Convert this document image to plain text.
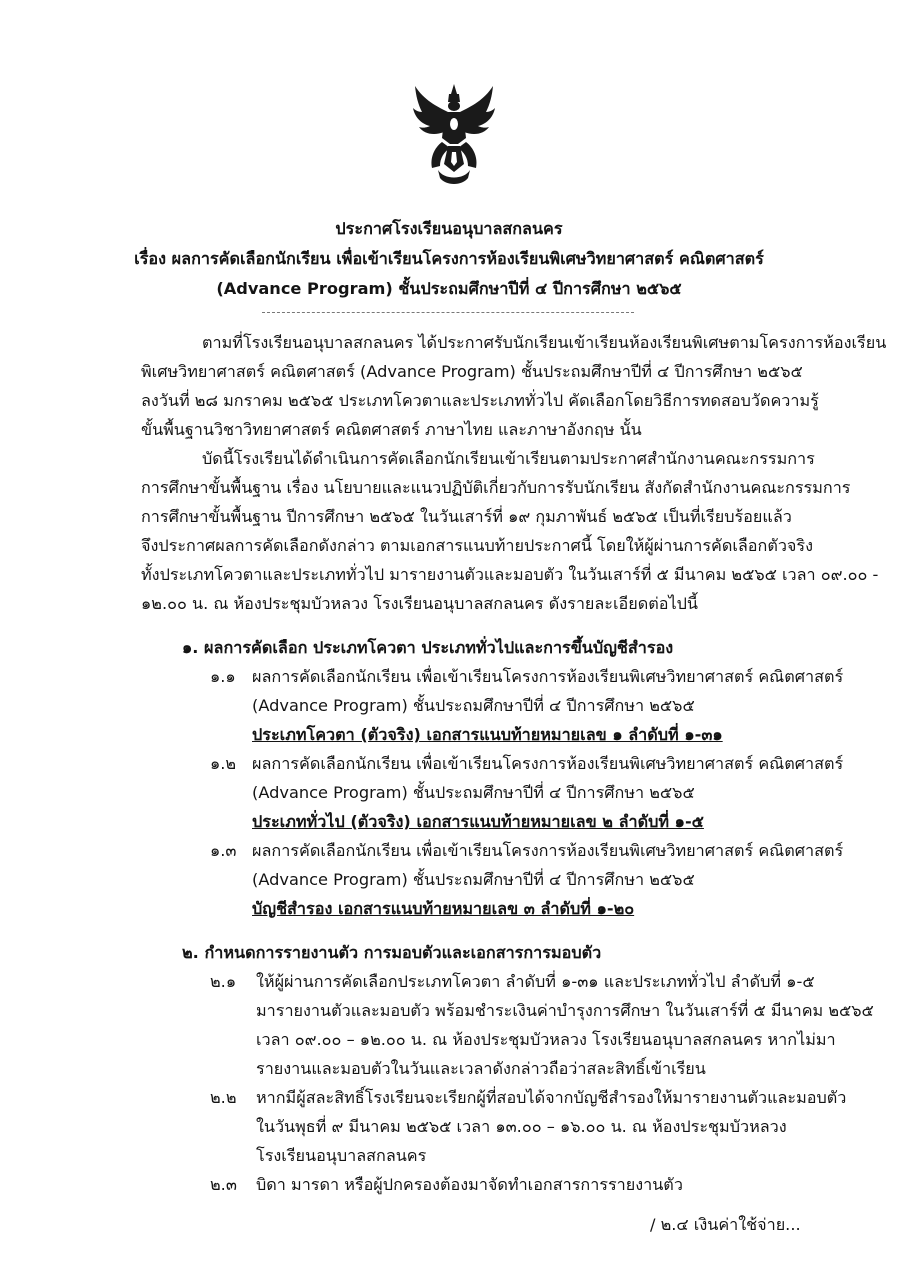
ประกาศโรงเรียนอนุบาลสกลนคร
เรื่อง ผลการคัดเลือกนักเรียน เพื่อเข้าเรียนโครงการห้องเรียนพิเศษวิทยาศาสตร์ คณิตศาสตร์
(Advance Program) ชั้นประถมศึกษาปีที่ ๔ ปีการศึกษา ๒๕๖๕
ตามที่โรงเรียนอนุบาลสกลนคร ได้ประกาศรับนักเรียนเข้าเรียนห้องเรียนพิเศษตามโครงการห้องเรียน
พิเศษวิทยาศาสตร์ คณิตศาสตร์ (Advance Program) ชั้นประถมศึกษาปีที่ ๔ ปีการศึกษา ๒๕๖๕
ลงวันที่ ๒๘ มกราคม ๒๕๖๕ ประเภทโควตาและประเภททั่วไป คัดเลือกโดยวิธีการทดสอบวัดความรู้
ขั้นพื้นฐานวิชาวิทยาศาสตร์ คณิตศาสตร์ ภาษาไทย และภาษาอังกฤษ นั้น
บัดนี้โรงเรียนได้ดำเนินการคัดเลือกนักเรียนเข้าเรียนตามประกาศสำนักงานคณะกรรมการ
การศึกษาขั้นพื้นฐาน เรื่อง นโยบายและแนวปฏิบัติเกี่ยวกับการรับนักเรียน สังกัดสำนักงานคณะกรรมการ
การศึกษาขั้นพื้นฐาน ปีการศึกษา ๒๕๖๕ ในวันเสาร์ที่ ๑๙ กุมภาพันธ์ ๒๕๖๕ เป็นที่เรียบร้อยแล้ว
จึงประกาศผลการคัดเลือกดังกล่าว ตามเอกสารแนบท้ายประกาศนี้ โดยให้ผู้ผ่านการคัดเลือกตัวจริง
ทั้งประเภทโควตาและประเภททั่วไป มารายงานตัวและมอบตัว ในวันเสาร์ที่ ๕ มีนาคม ๒๕๖๕ เวลา ๐๙.๐๐ -
๑๒.๐๐ น. ณ ห้องประชุมบัวหลวง โรงเรียนอนุบาลสกลนคร ดังรายละเอียดต่อไปนี้
๑. ผลการคัดเลือก ประเภทโควตา ประเภททั่วไปและการขึ้นบัญชีสำรอง
๑.๑ ผลการคัดเลือกนักเรียน เพื่อเข้าเรียนโครงการห้องเรียนพิเศษวิทยาศาสตร์ คณิตศาสตร์
(Advance Program) ชั้นประถมศึกษาปีที่ ๔ ปีการศึกษา ๒๕๖๕
ประเภทโควตา (ตัวจริง) เอกสารแนบท้ายหมายเลข ๑ ลำดับที่ ๑-๓๑
๑.๒ ผลการคัดเลือกนักเรียน เพื่อเข้าเรียนโครงการห้องเรียนพิเศษวิทยาศาสตร์ คณิตศาสตร์
(Advance Program) ชั้นประถมศึกษาปีที่ ๔ ปีการศึกษา ๒๕๖๕
ประเภททั่วไป (ตัวจริง) เอกสารแนบท้ายหมายเลข ๒ ลำดับที่ ๑-๕
๑.๓ ผลการคัดเลือกนักเรียน เพื่อเข้าเรียนโครงการห้องเรียนพิเศษวิทยาศาสตร์ คณิตศาสตร์
(Advance Program) ชั้นประถมศึกษาปีที่ ๔ ปีการศึกษา ๒๕๖๕
บัญชีสำรอง เอกสารแนบท้ายหมายเลข ๓ ลำดับที่ ๑-๒๐
๒. กำหนดการรายงานตัว การมอบตัวและเอกสารการมอบตัว
๒.๑ ให้ผู้ผ่านการคัดเลือกประเภทโควตา ลำดับที่ ๑-๓๑ และประเภททั่วไป ลำดับที่ ๑-๕
มารายงานตัวและมอบตัว พร้อมชำระเงินค่าบำรุงการศึกษา ในวันเสาร์ที่ ๕ มีนาคม ๒๕๖๕
เวลา ๐๙.๐๐ – ๑๒.๐๐ น. ณ ห้องประชุมบัวหลวง โรงเรียนอนุบาลสกลนคร หากไม่มา
รายงานและมอบตัวในวันและเวลาดังกล่าวถือว่าสละสิทธิ์เข้าเรียน
๒.๒ หากมีผู้สละสิทธิ์โรงเรียนจะเรียกผู้ที่สอบได้จากบัญชีสำรองให้มารายงานตัวและมอบตัว
ในวันพุธที่ ๙ มีนาคม ๒๕๖๕ เวลา ๑๓.๐๐ – ๑๖.๐๐ น. ณ ห้องประชุมบัวหลวง
โรงเรียนอนุบาลสกลนคร
๒.๓ บิดา มารดา หรือผู้ปกครองต้องมาจัดทำเอกสารการรายงานตัว
/ ๒.๔ เงินค่าใช้จ่าย...
